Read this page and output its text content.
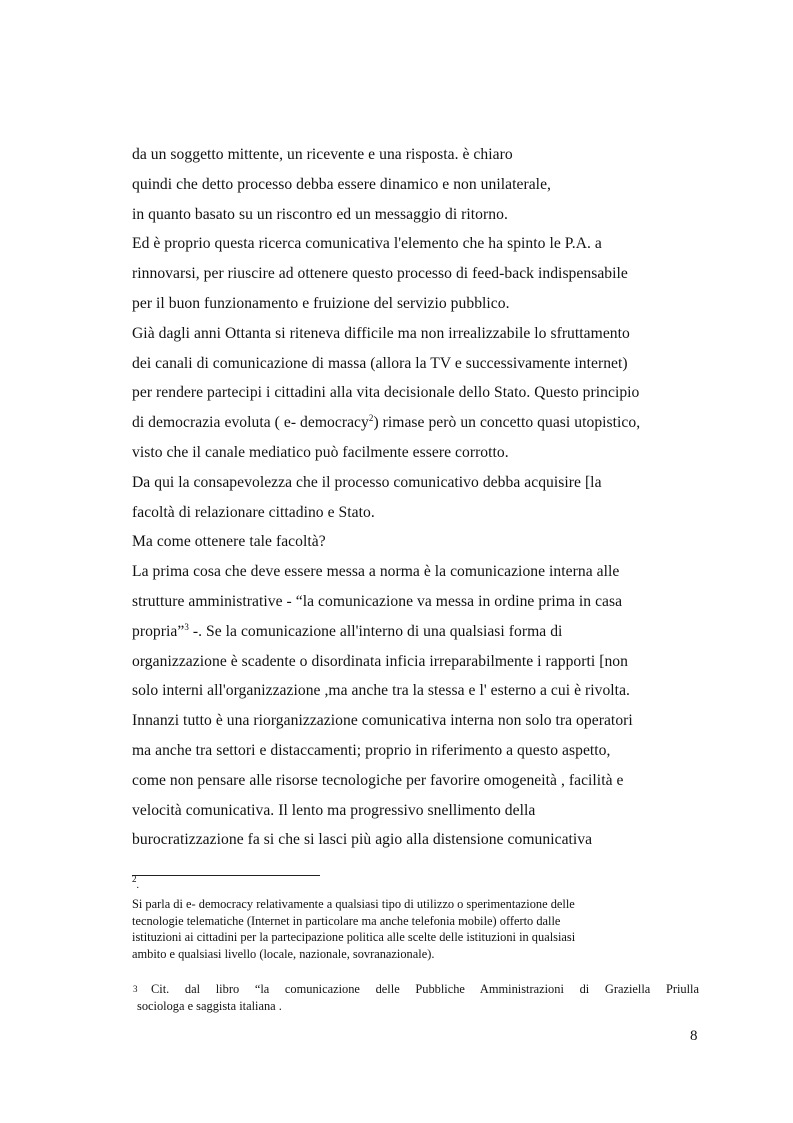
da un soggetto mittente, un ricevente e una risposta. è chiaro
quindi che detto processo debba essere dinamico e non unilaterale,
in quanto basato su un riscontro ed un messaggio di ritorno.
Ed è proprio questa ricerca comunicativa l'elemento che ha spinto le P.A. a
rinnovarsi, per riuscire ad ottenere questo processo di feed-back indispensabile
per il buon funzionamento e fruizione del servizio pubblico.
Già dagli anni Ottanta si riteneva difficile ma non irrealizzabile lo sfruttamento
dei canali di comunicazione di massa (allora la TV e successivamente internet)
per rendere partecipi i cittadini alla vita decisionale dello Stato. Questo principio
di democrazia evoluta ( e- democracy$^2$) rimase però un concetto quasi utopistico,
visto che il canale mediatico può facilmente essere corrotto.
Da qui la consapevolezza che il processo comunicativo debba acquisire [la
facoltà di relazionare cittadino e Stato.
Ma come ottenere tale facoltà?
La prima cosa che deve essere messa a norma è la comunicazione interna alle
strutture amministrative - “la comunicazione va messa in ordine prima in casa
propria”$^3$ -. Se la comunicazione all'interno di una qualsiasi forma di
organizzazione è scadente o disordinata inficia irreparabilmente i rapporti [non
solo interni all'organizzazione ,ma anche tra la stessa e l' esterno a cui è rivolta.
Innanzi tutto è una riorganizzazione comunicativa interna non solo tra operatori
ma anche tra settori e distaccamenti; proprio in riferimento a questo aspetto,
come non pensare alle risorse tecnologiche per favorire omogeneità , facilità e
velocità comunicativa. Il lento ma progressivo snellimento della
burocratizzazione fa si che si lasci più agio alla distensione comunicativa
$^2$.
Si parla di e- democracy relativamente a qualsiasi tipo di utilizzo o sperimentazione delle
tecnologie telematiche (Internet in particolare ma anche telefonia mobile) offerto dalle
istituzioni ai cittadini per la partecipazione politica alle scelte delle istituzioni in qualsiasi
ambito e qualsiasi livello (locale, nazionale, sovranazionale).
3 Cit. dal libro “la comunicazione delle Pubbliche Amministrazioni di Graziella Priulla
sociologa e saggista italiana .
8
